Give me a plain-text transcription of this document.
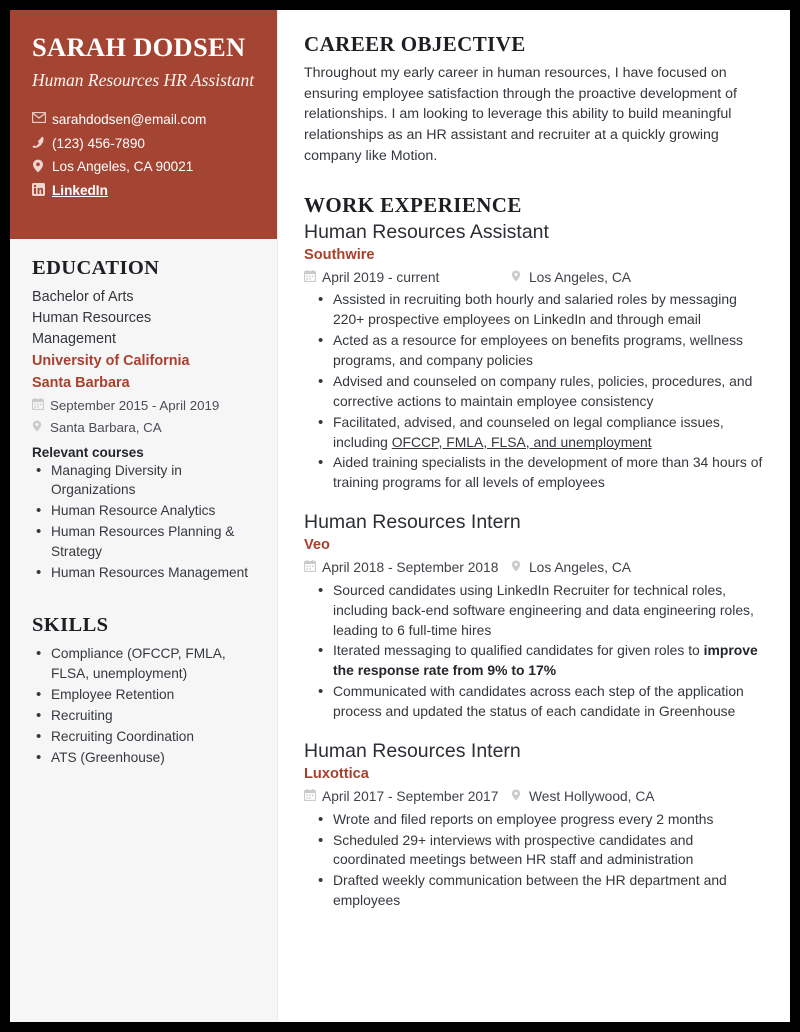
SARAH DODSEN
Human Resources HR Assistant
sarahdodsen@email.com
(123) 456-7890
Los Angeles, CA 90021
LinkedIn
EDUCATION
Bachelor of Arts
Human Resources
Management
University of California
Santa Barbara
September 2015 - April 2019
Santa Barbara, CA
Relevant courses
• Managing Diversity in Organizations
• Human Resource Analytics
• Human Resources Planning & Strategy
• Human Resources Management
SKILLS
• Compliance (OFCCP, FMLA, FLSA, unemployment)
• Employee Retention
• Recruiting
• Recruiting Coordination
• ATS (Greenhouse)
CAREER OBJECTIVE

Throughout my early career in human resources, I have focused on ensuring employee satisfaction through the proactive development of relationships. I am looking to leverage this ability to build meaningful relationships as an HR assistant and recruiter at a quickly growing company like Motion.

WORK EXPERIENCE
Human Resources Assistant
Southwire
April 2019 - current	Los Angeles, CA
• Assisted in recruiting both hourly and salaried roles by messaging 220+ prospective employees on LinkedIn and through email
• Acted as a resource for employees on benefits programs, wellness programs, and company policies
• Advised and counseled on company rules, policies, procedures, and corrective actions to maintain employee consistency
• Facilitated, advised, and counseled on legal compliance issues, including OFCCP, FMLA, FLSA, and unemployment
• Aided training specialists in the development of more than 34 hours of training programs for all levels of employees
Human Resources Intern
Veo
April 2018 - September 2018 Los Angeles, CA
• Sourced candidates using LinkedIn Recruiter for technical roles, including back-end software engineering and data engineering roles, leading to 6 full-time hires
• Iterated messaging to qualified candidates for given roles to improve the response rate from 9% to 17%
• Communicated with candidates across each step of the application process and updated the status of each candidate in Greenhouse
Human Resources Intern
Luxottica
April 2017 - September 2017 West Hollywood, CA
• Wrote and filed reports on employee progress every 2 months
• Scheduled 29+ interviews with prospective candidates and coordinated meetings between HR staff and administration
• Drafted weekly communication between the HR department and employees
